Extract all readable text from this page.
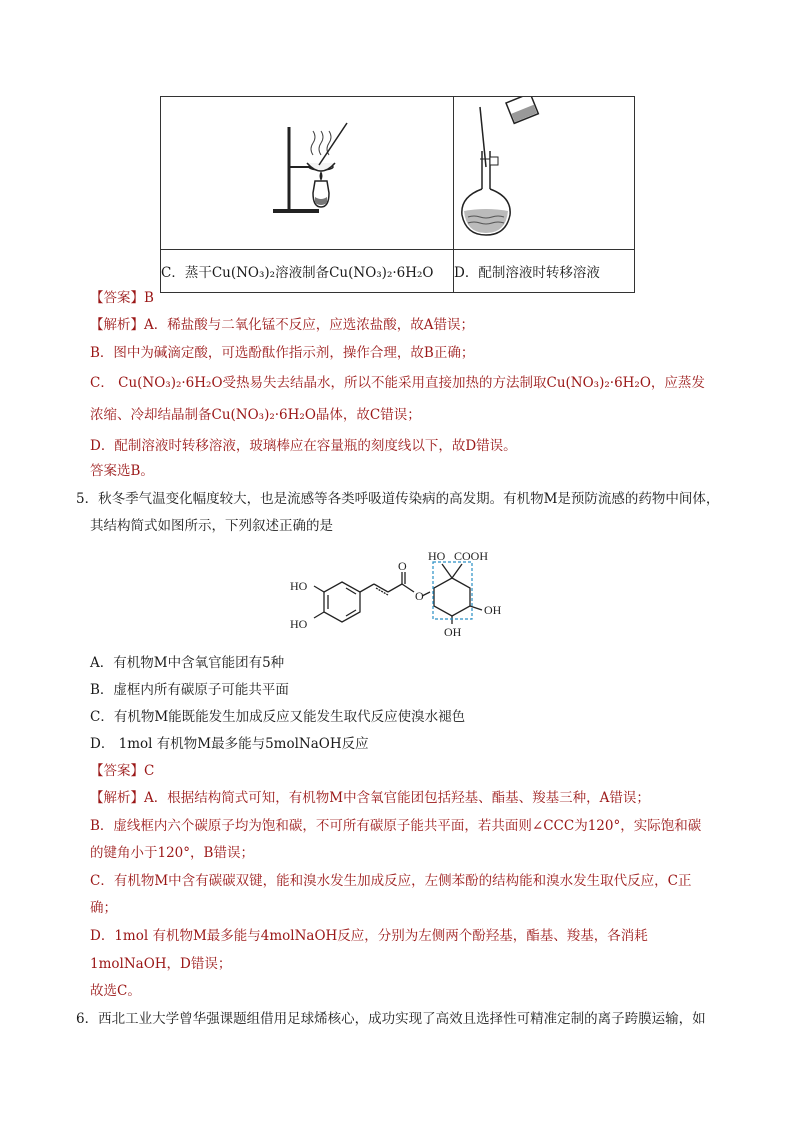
C．蒸干Cu(NO₃)₂溶液制备Cu(NO₃)₂·6H₂O	D．配制溶液时转移溶液
【答案】B
【解析】A．稀盐酸与二氧化锰不反应，应选浓盐酸，故A错误；
B．图中为碱滴定酸，可选酚酞作指示剂，操作合理，故B正确；
C． Cu(NO₃)₂·6H₂O受热易失去结晶水，所以不能采用直接加热的方法制取Cu(NO₃)₂·6H₂O，应蒸发
浓缩、冷却结晶制备Cu(NO₃)₂·6H₂O晶体，故C错误；
D．配制溶液时转移溶液，玻璃棒应在容量瓶的刻度线以下，故D错误。
答案选B。
5．秋冬季气温变化幅度较大，也是流感等各类呼吸道传染病的高发期。有机物M是预防流感的药物中间体，
其结构简式如图所示，下列叙述正确的是
HO
HO
O
O
HO COOH
OH
OH
A．有机物M中含氧官能团有5种
B．虚框内所有碳原子可能共平面
C．有机物M能既能发生加成反应又能发生取代反应使溴水褪色
D． 1mol 有机物M最多能与5molNaOH反应
【答案】C
【解析】A．根据结构简式可知，有机物M中含氧官能团包括羟基、酯基、羧基三种，A错误；
B．虚线框内六个碳原子均为饱和碳，不可所有碳原子能共平面，若共面则∠CCC为120°，实际饱和碳
的键角小于120°，B错误；
C．有机物M中含有碳碳双键，能和溴水发生加成反应，左侧苯酚的结构能和溴水发生取代反应，C正
确；
D．1mol 有机物M最多能与4molNaOH反应，分别为左侧两个酚羟基，酯基、羧基，各消耗
1molNaOH，D错误；
故选C。
6．西北工业大学曾华强课题组借用足球烯核心，成功实现了高效且选择性可精准定制的离子跨膜运输，如
